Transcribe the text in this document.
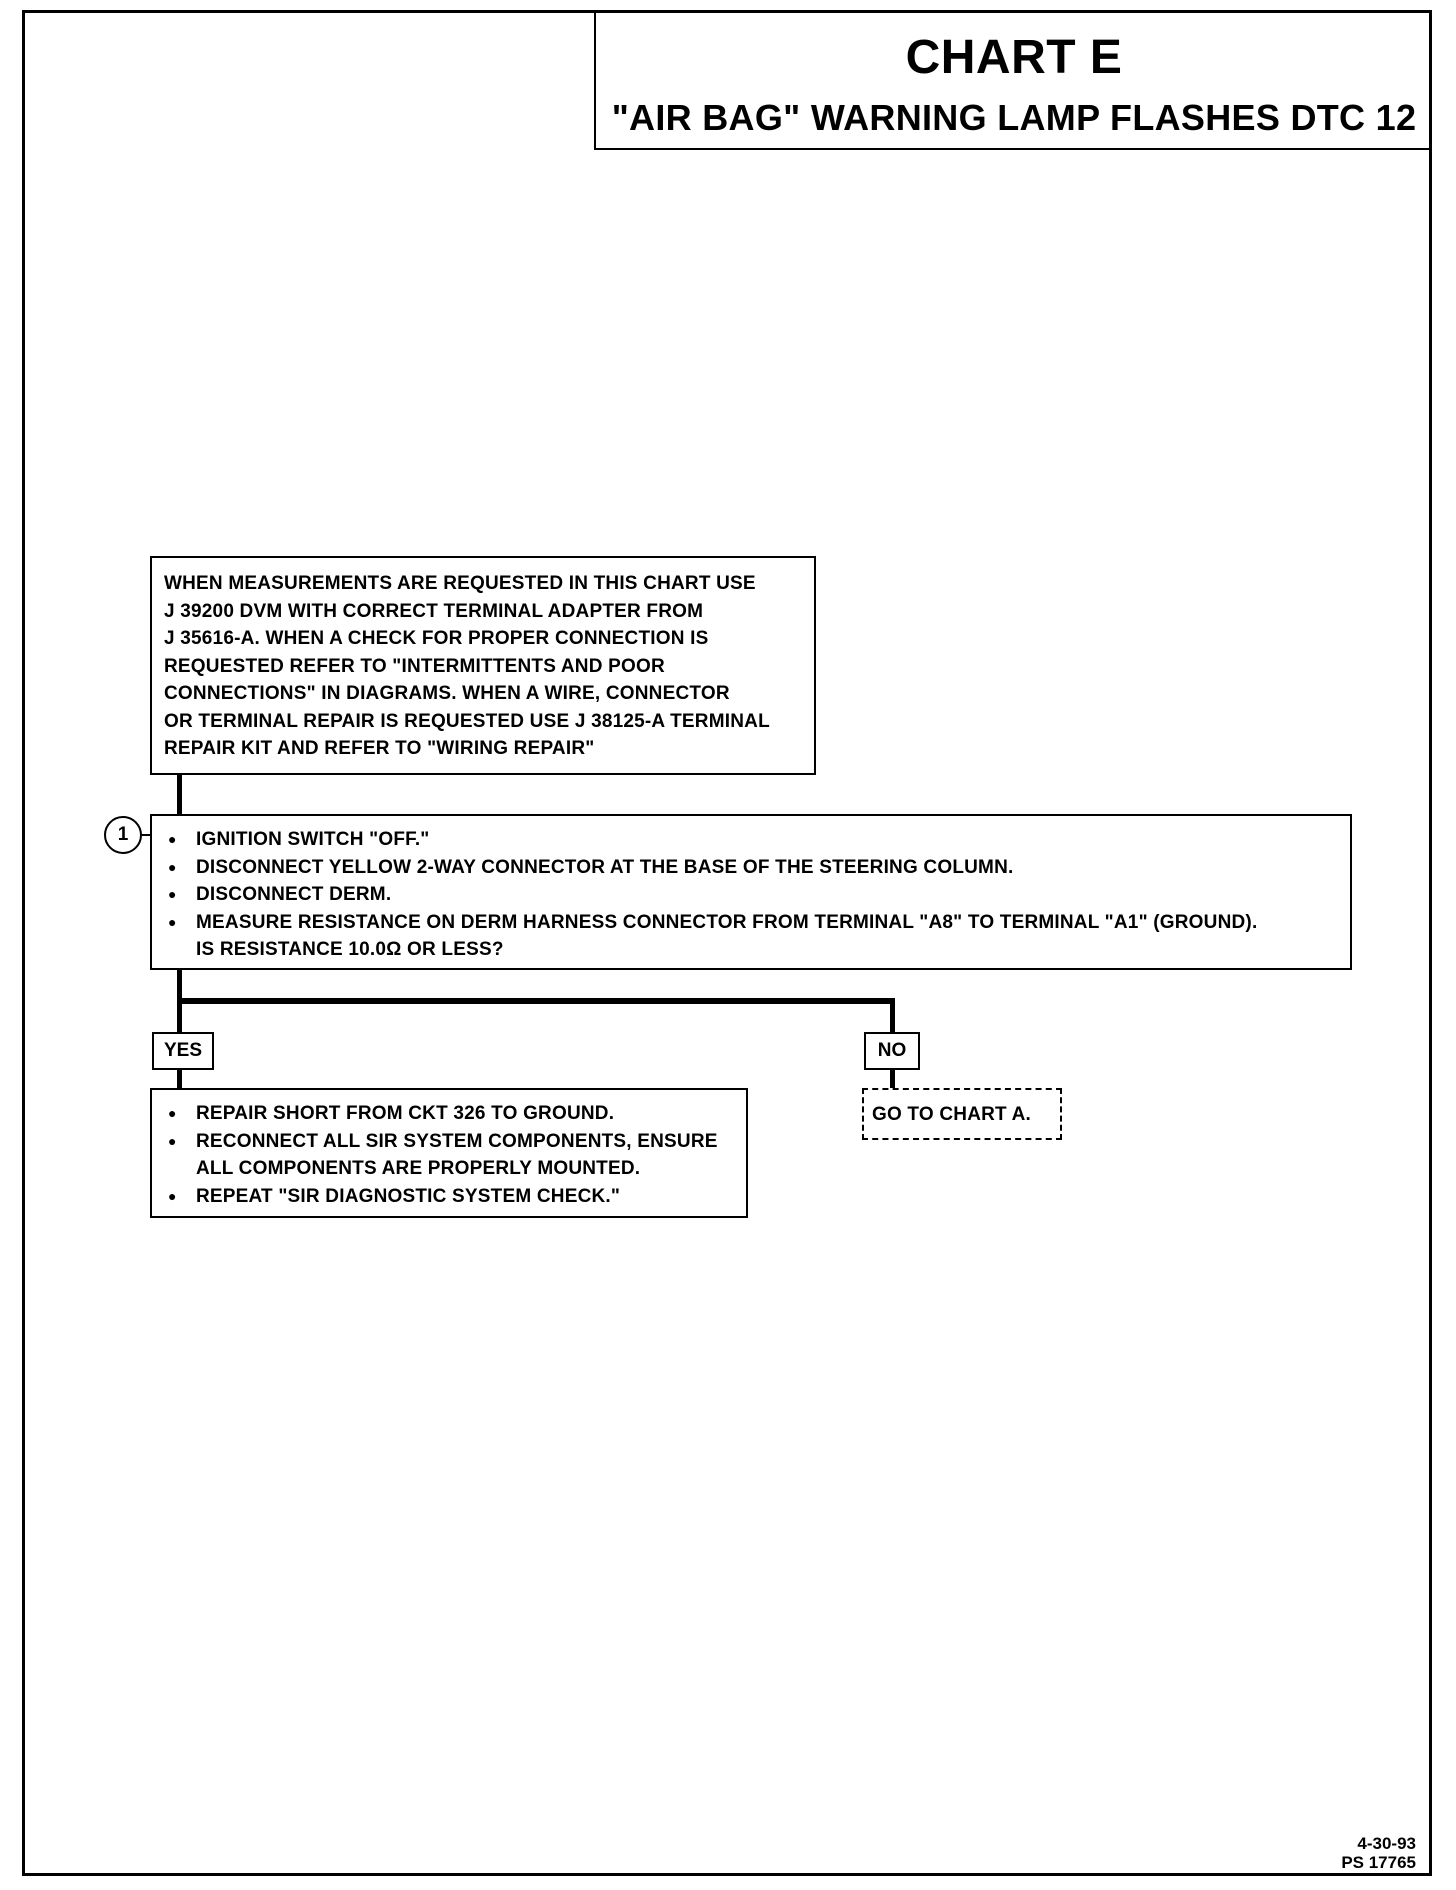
CHART E
"AIR BAG" WARNING LAMP FLASHES DTC 12
WHEN MEASUREMENTS ARE REQUESTED IN THIS CHART USE
J 39200 DVM WITH CORRECT TERMINAL ADAPTER FROM
J 35616-A. WHEN A CHECK FOR PROPER CONNECTION IS
REQUESTED REFER TO "INTERMITTENTS AND POOR
CONNECTIONS" IN DIAGRAMS. WHEN A WIRE, CONNECTOR
OR TERMINAL REPAIR IS REQUESTED USE J 38125-A TERMINAL
REPAIR KIT AND REFER TO "WIRING REPAIR"
1
●	IGNITION SWITCH "OFF."
● DISCONNECT YELLOW 2-WAY CONNECTOR AT THE BASE OF THE STEERING COLUMN.
● DISCONNECT DERM.
● MEASURE RESISTANCE ON DERM HARNESS CONNECTOR FROM TERMINAL "A8" TO TERMINAL "A1" (GROUND).
IS RESISTANCE 10.0Ω OR LESS?
YES	NO
● REPAIR SHORT FROM CKT 326 TO GROUND.
● RECONNECT ALL SIR SYSTEM COMPONENTS, ENSURE ALL COMPONENTS ARE PROPERLY MOUNTED.
● REPEAT "SIR DIAGNOSTIC SYSTEM CHECK."
GO TO CHART A.
4-30-93
PS 17765
